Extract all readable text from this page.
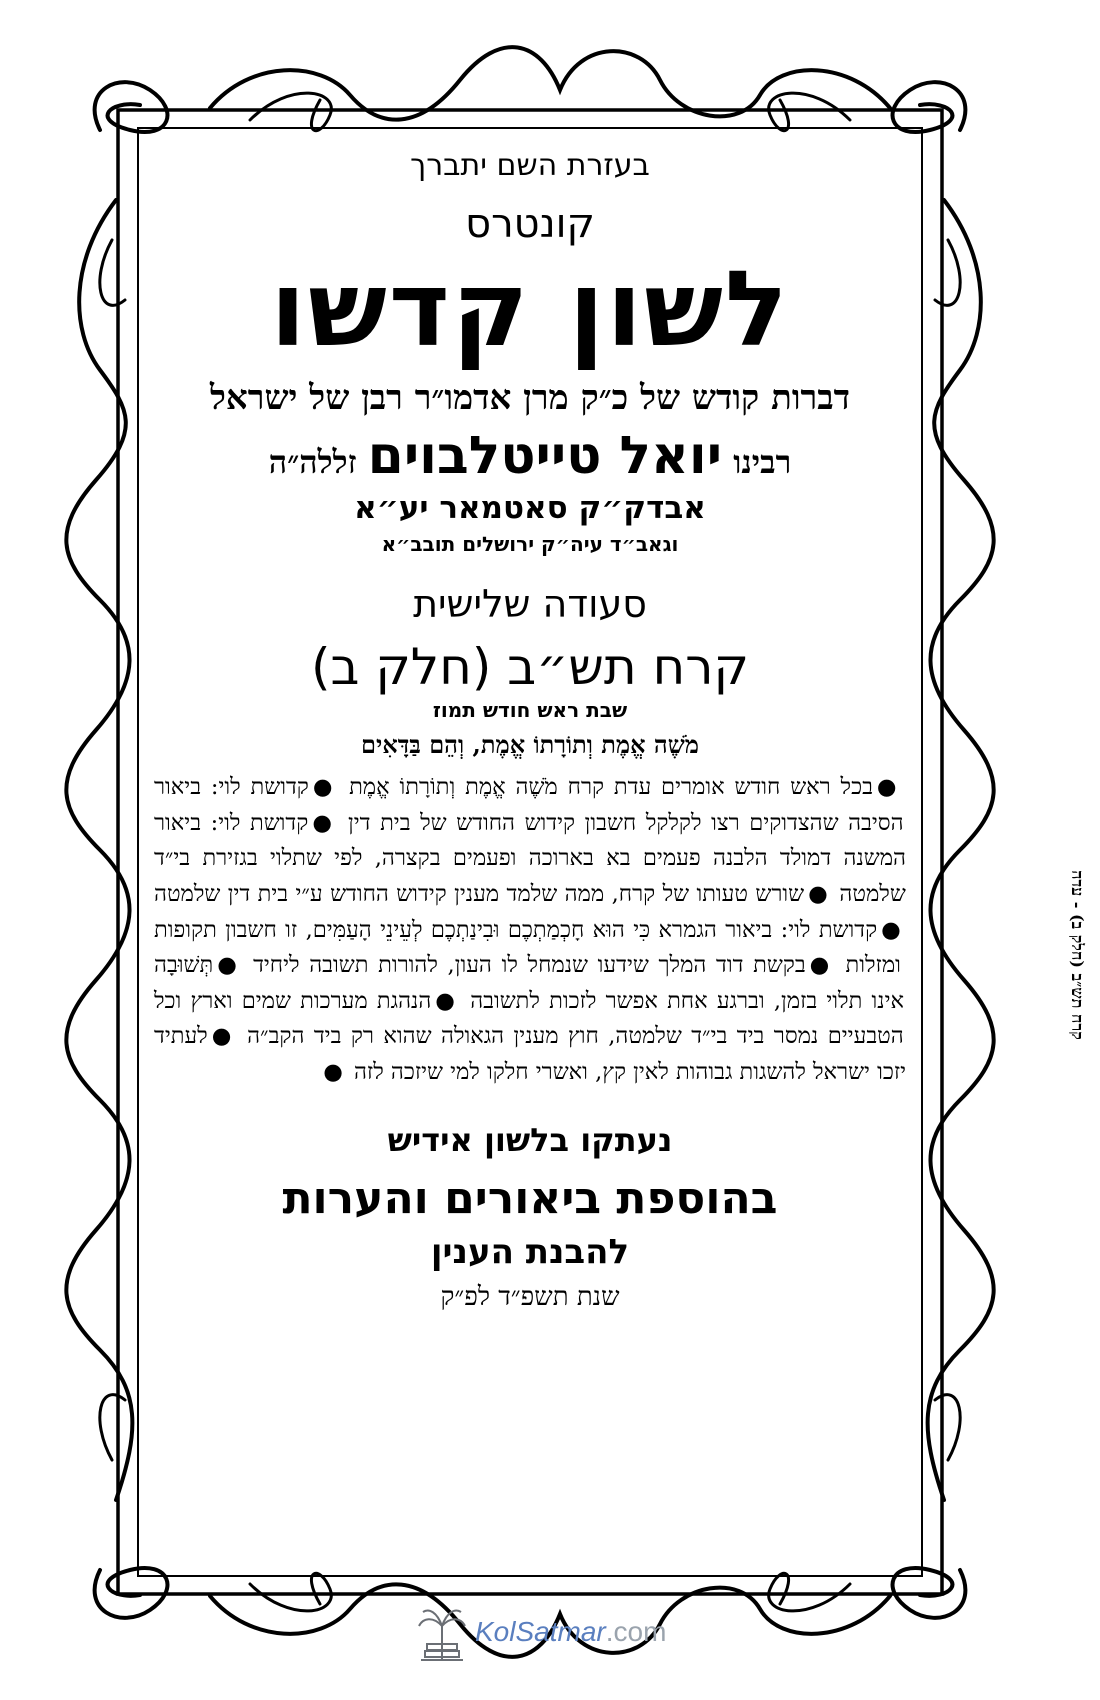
בעזרת השם יתברך
קונטרס
לשון קדשו
דברות קודש של כ״ק מרן אדמו״ר רבן של ישראל
רבינו יואל טייטלבוים זללה״ה
אבדק״ק סאטמאר יע״א
וגאב״ד עיה״ק ירושלים תובב״א
סעודה שלישית
קרח תש״ב (חלק ב)
שבת ראש חודש תמוז
מֹשֶׁה אֱמֶת וְתוֹרָתוֹ אֱמֶת, וְהֵם בַּדָּאִים
●בכל ראש חודש אומרים עדת קרח מֹשֶׁה אֱמֶת וְתוֹרָתוֹ אֱמֶת ●קדושת לוי: ביאור הסיבה שהצדוקים רצו לקלקל חשבון קידוש החודש של בית דין ●קדושת לוי: ביאור המשנה דמולד הלבנה פעמים בא בארוכה ופעמים בקצרה, לפי שתלוי בגזירת בי״ד שלמטה ●שורש טעותו של קרח, ממה שלמד מענין קידוש החודש ע״י בית דין שלמטה ●קדושת לוי: ביאור הגמרא כִּי הוּא חָכְמַתְכֶם וּבִינַתְכֶם לְעֵינֵי הָעַמִּים, זו חשבון תקופות ומזלות ●בקשת דוד המלך שידעו שנמחל לו העון, להורות תשובה ליחיד ●תְּשׁוּבָה אינו תלוי בזמן, וברגע אחת אפשר לזכות לתשובה ●הנהגת מערכות שמים וארץ וכל הטבעיים נמסר ביד בי״ד שלמטה, חוץ מענין הגאולה שהוא רק ביד הקב״ה ●לעתיד יזכו ישראל להשגות גבוהות לאין קץ, ואשרי חלקו למי שיזכה לזה ●
נעתקו בלשון אידיש
בהוספת ביאורים והערות
להבנת הענין
שנת תשפ״ד לפ״ק
קרח תש״ב (חלק ב) - עדה
KolSatmar.com
